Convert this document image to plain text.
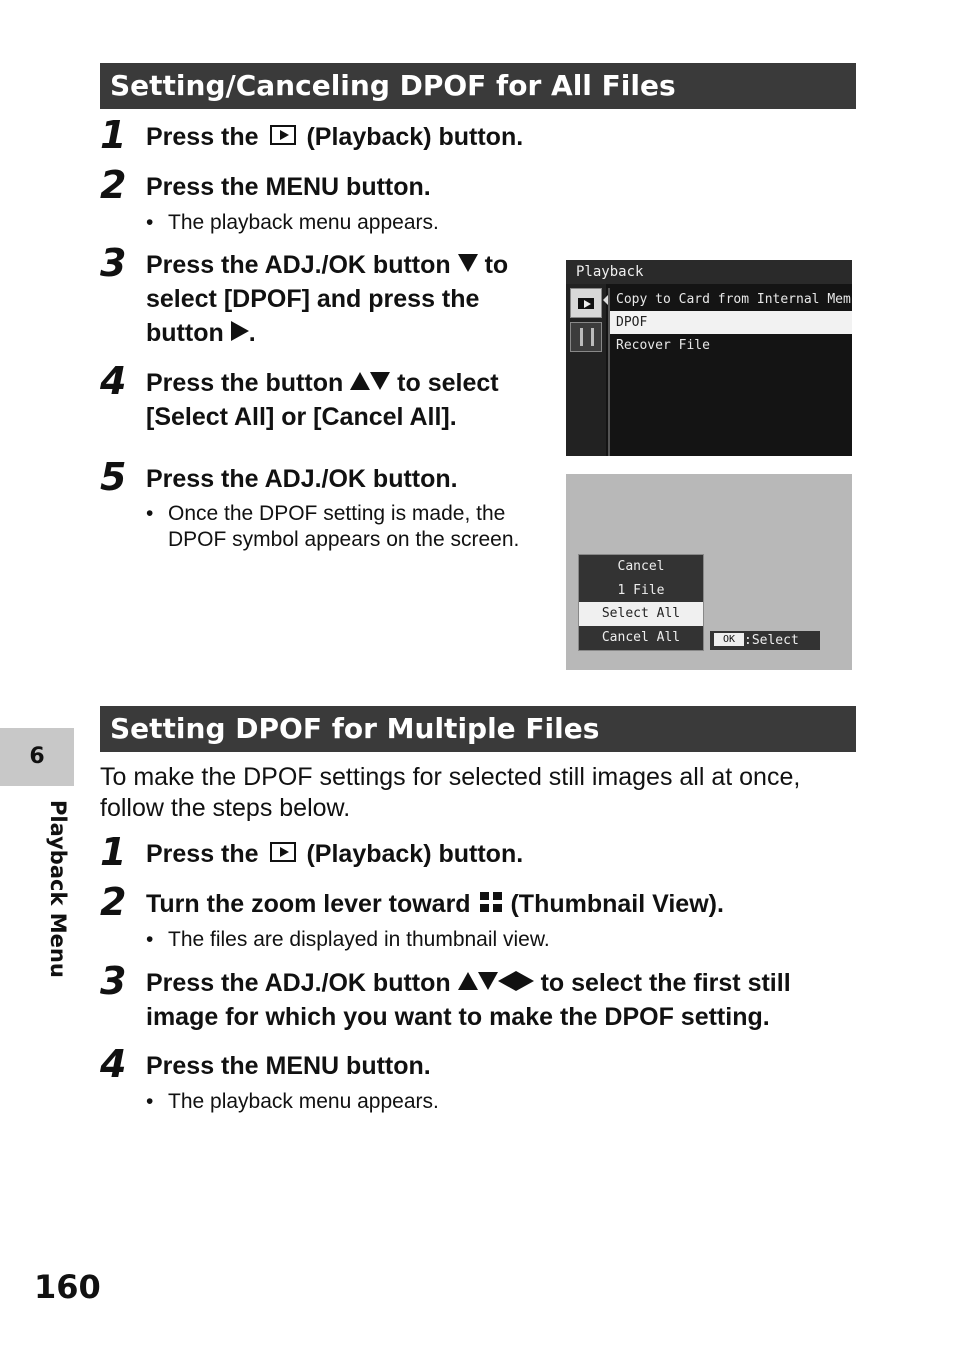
Setting/Canceling DPOF for All Files
1 Press the (Playback) button.
2 Press the MENU button.
• The playback menu appears.
3 Press the ADJ./OK button to
select [DPOF] and press the
button .
4 Press the button to select
[Select All] or [Cancel All].
5 Press the ADJ./OK button.
• Once the DPOF setting is made, the
DPOF symbol appears on the screen.
Playback
Copy to Card from Internal Mem
DPOF
Recover File
Cancel
1 File
Select All
Cancel All	OK :Select
Setting DPOF for Multiple Files
To make the DPOF settings for selected still images all at once,
follow the steps below.
1 Press the (Playback) button.
2 Turn the zoom lever toward (Thumbnail View).
• The files are displayed in thumbnail view.
3 Press the ADJ./OK button	to select the first still
image for which you want to make the DPOF setting.
4 Press the MENU button.
• The playback menu appears.
6
Playback Menu
160
